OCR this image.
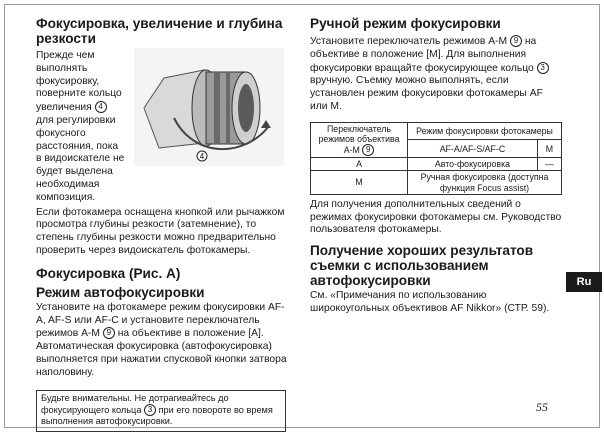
Фокусировка, увеличение и глубина резкости

Прежде чем выполнять фокусировку, поверните кольцо увеличения 4 для регулировки фокусного расстояния, пока в видоискателе не будет выделена необходимая композиция.
4

Если фотокамера оснащена кнопкой или рычажком просмотра глубины резкости (затемнение), то степень глубины резкости можно предварительно проверить через видоискатель фотокамеры.

Фокусировка (Рис. A)

Режим автофокусировки

Установите на фотокамере режим фокусировки AF-A, AF-S или AF-C и установите переключатель режимов A-M 9 на объективе в положение [A].

Автоматическая фокусировка (автофокусировка) выполняется при нажатии спусковой кнопки затвора наполовину.

Будьте внимательны. Не дотрагивайтесь до фокусирующего кольца 3 при его повороте во время выполнения автофокусировки.

Ручной режим фокусировки

Установите переключатель режимов A-M 9 на объективе в положение [M]. Для выполнения фокусировки вращайте фокусирующее кольцо 3 вручную. Съемку можно выполнять, если установлен режим фокусировки фотокамеры AF или M.

Переключатель режимов объектива A-M 9	Режим фокусировки фотокамеры	
	AF-A/AF-S/AF-C	M
A	Авто-фокусировка	—
M	Ручная фокусировка (доступна функция Focus assist)	

Для получения дополнительных сведений о режимах фокусировки фотокамеры см. Руководство пользователя фотокамеры.

Получение хороших результатов съемки с использованием автофокусировки

См. «Примечания по использованию широкоугольных объективов AF Nikkor» (СТР. 59).

Ru
55
